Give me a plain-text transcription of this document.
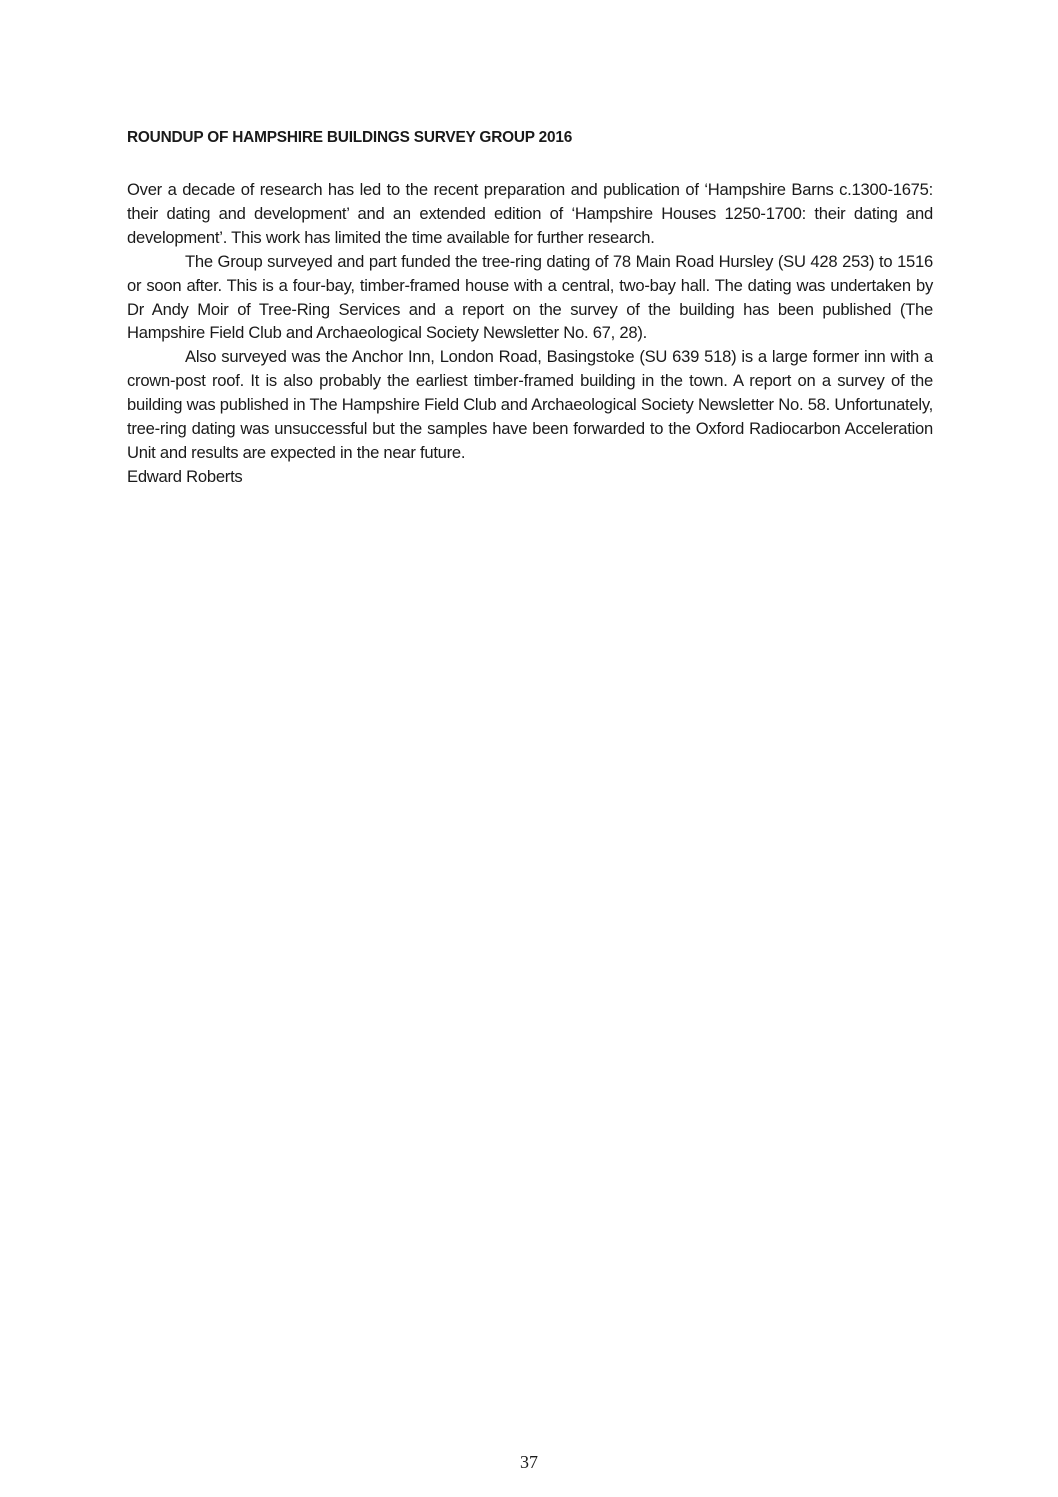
ROUNDUP OF HAMPSHIRE BUILDINGS SURVEY GROUP 2016

Over a decade of research has led to the recent preparation and publication of ‘Hampshire Barns c.1300-1675: their dating and development’ and an extended edition of ‘Hampshire Houses 1250-1700: their dating and development’. This work has limited the time available for further research.

The Group surveyed and part funded the tree-ring dating of 78 Main Road Hursley (SU 428 253) to 1516 or soon after. This is a four-bay, timber-framed house with a central, two-bay hall. The dating was undertaken by Dr Andy Moir of Tree-Ring Services and a report on the survey of the building has been published (The Hampshire Field Club and Archaeological Society Newsletter No. 67, 28).

Also surveyed was the Anchor Inn, London Road, Basingstoke (SU 639 518) is a large former inn with a crown-post roof. It is also probably the earliest timber-framed building in the town. A report on a survey of the building was published in The Hampshire Field Club and Archaeological Society Newsletter No. 58. Unfortunately, tree-ring dating was unsuccessful but the samples have been forwarded to the Oxford Radiocarbon Acceleration Unit and results are expected in the near future.

Edward Roberts

37
